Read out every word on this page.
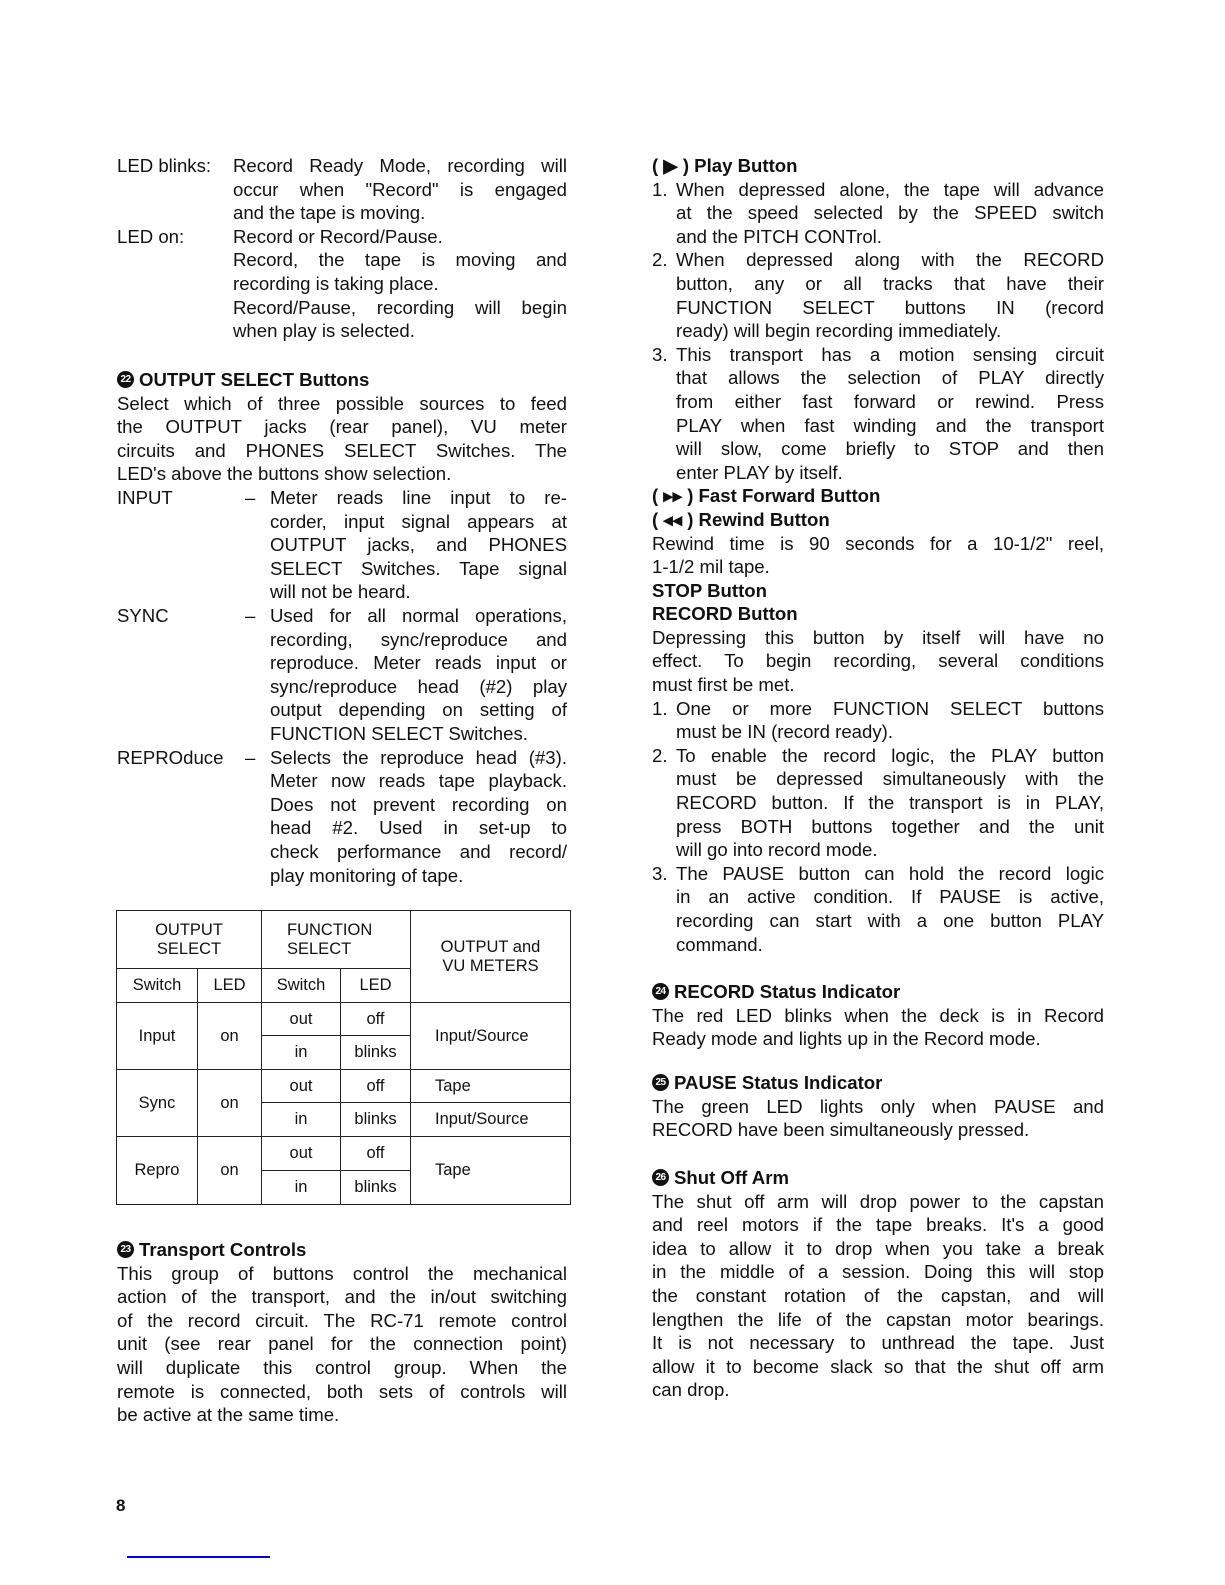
LED blinks:	Record Ready Mode, recording will
occur when "Record" is engaged
and the tape is moving.
LED on:	Record or Record/Pause.
Record, the tape is moving and
recording is taking place.
Record/Pause, recording will begin
when play is selected.
22 OUTPUT SELECT Buttons
Select which of three possible sources to feed
the OUTPUT jacks (rear panel), VU meter
circuits and PHONES SELECT Switches. The
LED's above the buttons show selection.
INPUT	– Meter reads line input to re-
corder, input signal appears at
OUTPUT jacks, and PHONES
SELECT Switches. Tape signal
will not be heard.
SYNC	– Used for all normal operations,
recording, sync/reproduce and
reproduce. Meter reads input or
sync/reproduce head (#2) play
output depending on setting of
FUNCTION SELECT Switches.
REPROduce	– Selects the reproduce head (#3).
Meter now reads tape playback.
Does not prevent recording on
head #2. Used in set-up to
check performance and record/
play monitoring of tape.
OUTPUT SELECT		FUNCTION SELECT		OUTPUT and VU METERS
Switch	LED	Switch	LED	
Input	on	out	off	Input/Source
		in	blinks	
Sync	on	out	off	Tape
		in	blinks	Input/Source
Repro	on	out	off	Tape
		in	blinks	
23 Transport Controls
This group of buttons control the mechanical
action of the transport, and the in/out switching
of the record circuit. The RC-71 remote control
unit (see rear panel for the connection point)
will duplicate this control group. When the
remote is connected, both sets of controls will
be active at the same time.
( ▶ ) Play Button
1. When depressed alone, the tape will advance
at the speed selected by the SPEED switch
and the PITCH CONTrol.
2. When depressed along with the RECORD
button, any or all tracks that have their
FUNCTION SELECT buttons IN (record
ready) will begin recording immediately.
3. This transport has a motion sensing circuit
that allows the selection of PLAY directly
from either fast forward or rewind. Press
PLAY when fast winding and the transport
will slow, come briefly to STOP and then
enter PLAY by itself.
( ▸▸ ) Fast Forward Button
( ◂◂ ) Rewind Button
Rewind time is 90 seconds for a 10-1/2" reel,
1-1/2 mil tape.
STOP Button
RECORD Button
Depressing this button by itself will have no
effect. To begin recording, several conditions
must first be met.
1. One or more FUNCTION SELECT buttons
must be IN (record ready).
2. To enable the record logic, the PLAY button
must be depressed simultaneously with the
RECORD button. If the transport is in PLAY,
press BOTH buttons together and the unit
will go into record mode.
3. The PAUSE button can hold the record logic
in an active condition. If PAUSE is active,
recording can start with a one button PLAY
command.
24 RECORD Status Indicator
The red LED blinks when the deck is in Record
Ready mode and lights up in the Record mode.
25 PAUSE Status Indicator
The green LED lights only when PAUSE and
RECORD have been simultaneously pressed.
26 Shut Off Arm
The shut off arm will drop power to the capstan
and reel motors if the tape breaks. It's a good
idea to allow it to drop when you take a break
in the middle of a session. Doing this will stop
the constant rotation of the capstan, and will
lengthen the life of the capstan motor bearings.
It is not necessary to unthread the tape. Just
allow it to become slack so that the shut off arm
can drop.
8
